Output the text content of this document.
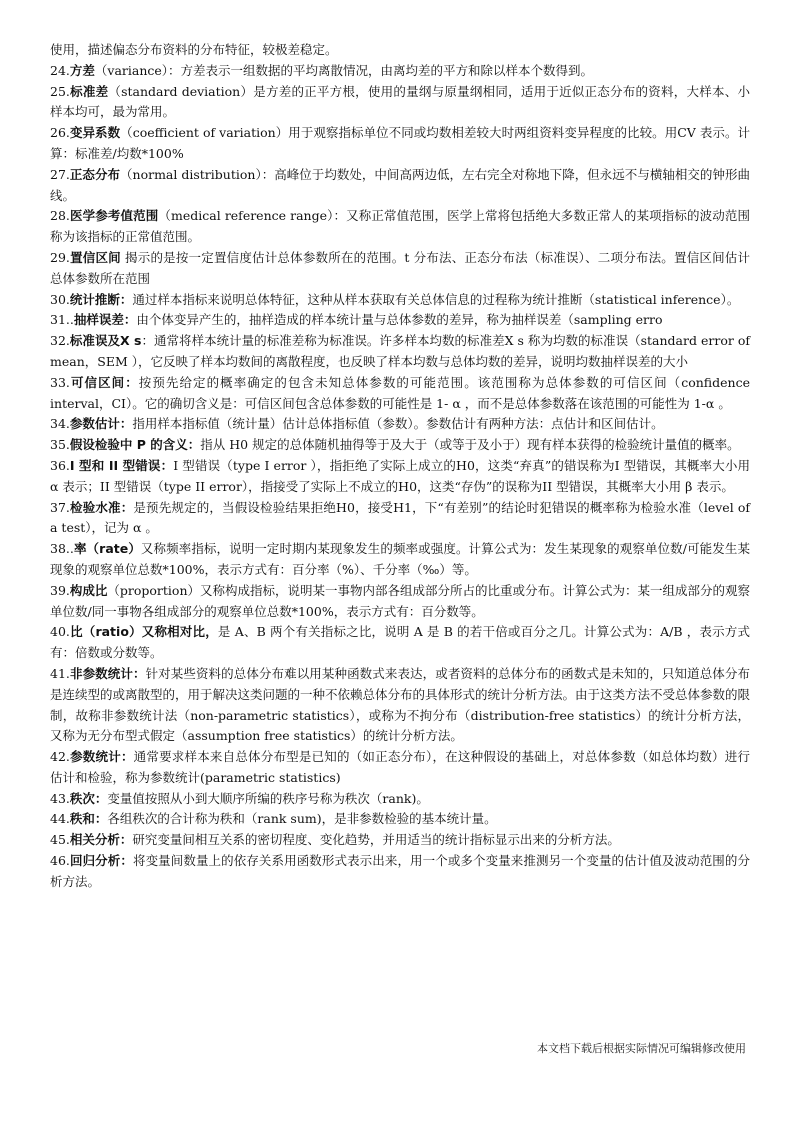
使用，描述偏态分布资料的分布特征，较极差稳定。

24.方差（variance）：方差表示一组数据的平均离散情况，由离均差的平方和除以样本个数得到。

25.标准差（standard deviation）是方差的正平方根，使用的量纲与原量纲相同，适用于近似正态分布的资料，大样本、小样本均可，最为常用。

26.变异系数（coefficient of variation）用于观察指标单位不同或均数相差较大时两组资料变异程度的比较。用CV 表示。计算：标准差/均数*100%

27.正态分布（normal distribution）：高峰位于均数处，中间高两边低，左右完全对称地下降，但永远不与横轴相交的钟形曲线。

28.医学参考值范围（medical reference range）：又称正常值范围，医学上常将包括绝大多数正常人的某项指标的波动范围称为该指标的正常值范围。

29.置信区间 揭示的是按一定置信度估计总体参数所在的范围。t 分布法、正态分布法（标准误）、二项分布法。置信区间估计总体参数所在范围

30.统计推断：通过样本指标来说明总体特征，这种从样本获取有关总体信息的过程称为统计推断（statistical inference）。

31..抽样误差：由个体变异产生的，抽样造成的样本统计量与总体参数的差异，称为抽样误差（sampling erro

32.标准误及X s：通常将样本统计量的标准差称为标准误。许多样本均数的标准差X s 称为均数的标准误（standard error of mean，SEM ），它反映了样本均数间的离散程度，也反映了样本均数与总体均数的差异，说明均数抽样误差的大小

33.可信区间：按预先给定的概率确定的包含未知总体参数的可能范围。该范围称为总体参数的可信区间（confidence interval，CI）。它的确切含义是：可信区间包含总体参数的可能性是 1- α ，而不是总体参数落在该范围的可能性为 1-α 。

34.参数估计：指用样本指标值（统计量）估计总体指标值（参数）。参数估计有两种方法：点估计和区间估计。

35.假设检验中 P 的含义：指从 H0 规定的总体随机抽得等于及大于（或等于及小于）现有样本获得的检验统计量值的概率。

36.I 型和 II 型错误：I 型错误（type I error ），指拒绝了实际上成立的H0，这类“弃真”的错误称为I 型错误，其概率大小用 α 表示；II 型错误（type II error），指接受了实际上不成立的H0，这类“存伪”的误称为II 型错误，其概率大小用 β 表示。

37.检验水准：是预先规定的，当假设检验结果拒绝H0，接受H1，下“有差别”的结论时犯错误的概率称为检验水准（level of a test），记为 α 。

38..率（rate）又称频率指标，说明一定时期内某现象发生的频率或强度。计算公式为：发生某现象的观察单位数/可能发生某现象的观察单位总数*100%，表示方式有：百分率（%）、千分率（‰）等。

39.构成比（proportion）又称构成指标，说明某一事物内部各组成部分所占的比重或分布。计算公式为：某一组成部分的观察单位数/同一事物各组成部分的观察单位总数*100%，表示方式有：百分数等。

40.比（ratio）又称相对比，是 A、B 两个有关指标之比，说明 A 是 B 的若干倍或百分之几。计算公式为：A/B ，表示方式有：倍数或分数等。

41.非参数统计：针对某些资料的总体分布难以用某种函数式来表达，或者资料的总体分布的函数式是未知的，只知道总体分布是连续型的或离散型的，用于解决这类问题的一种不依赖总体分布的具体形式的统计分析方法。由于这类方法不受总体参数的限制，故称非参数统计法（non-parametric statistics），或称为不拘分布（distribution-free statistics）的统计分析方法，又称为无分布型式假定（assumption free statistics）的统计分析方法。

42.参数统计：通常要求样本来自总体分布型是已知的（如正态分布），在这种假设的基础上，对总体参数（如总体均数）进行估计和检验，称为参数统计(parametric statistics)

43.秩次：变量值按照从小到大顺序所编的秩序号称为秩次（rank)。

44.秩和：各组秩次的合计称为秩和（rank sum)，是非参数检验的基本统计量。

45.相关分析：研究变量间相互关系的密切程度、变化趋势，并用适当的统计指标显示出来的分析方法。

46.回归分析：将变量间数量上的依存关系用函数形式表示出来，用一个或多个变量来推测另一个变量的估计值及波动范围的分析方法。

本文档下载后根据实际情况可编辑修改使用
